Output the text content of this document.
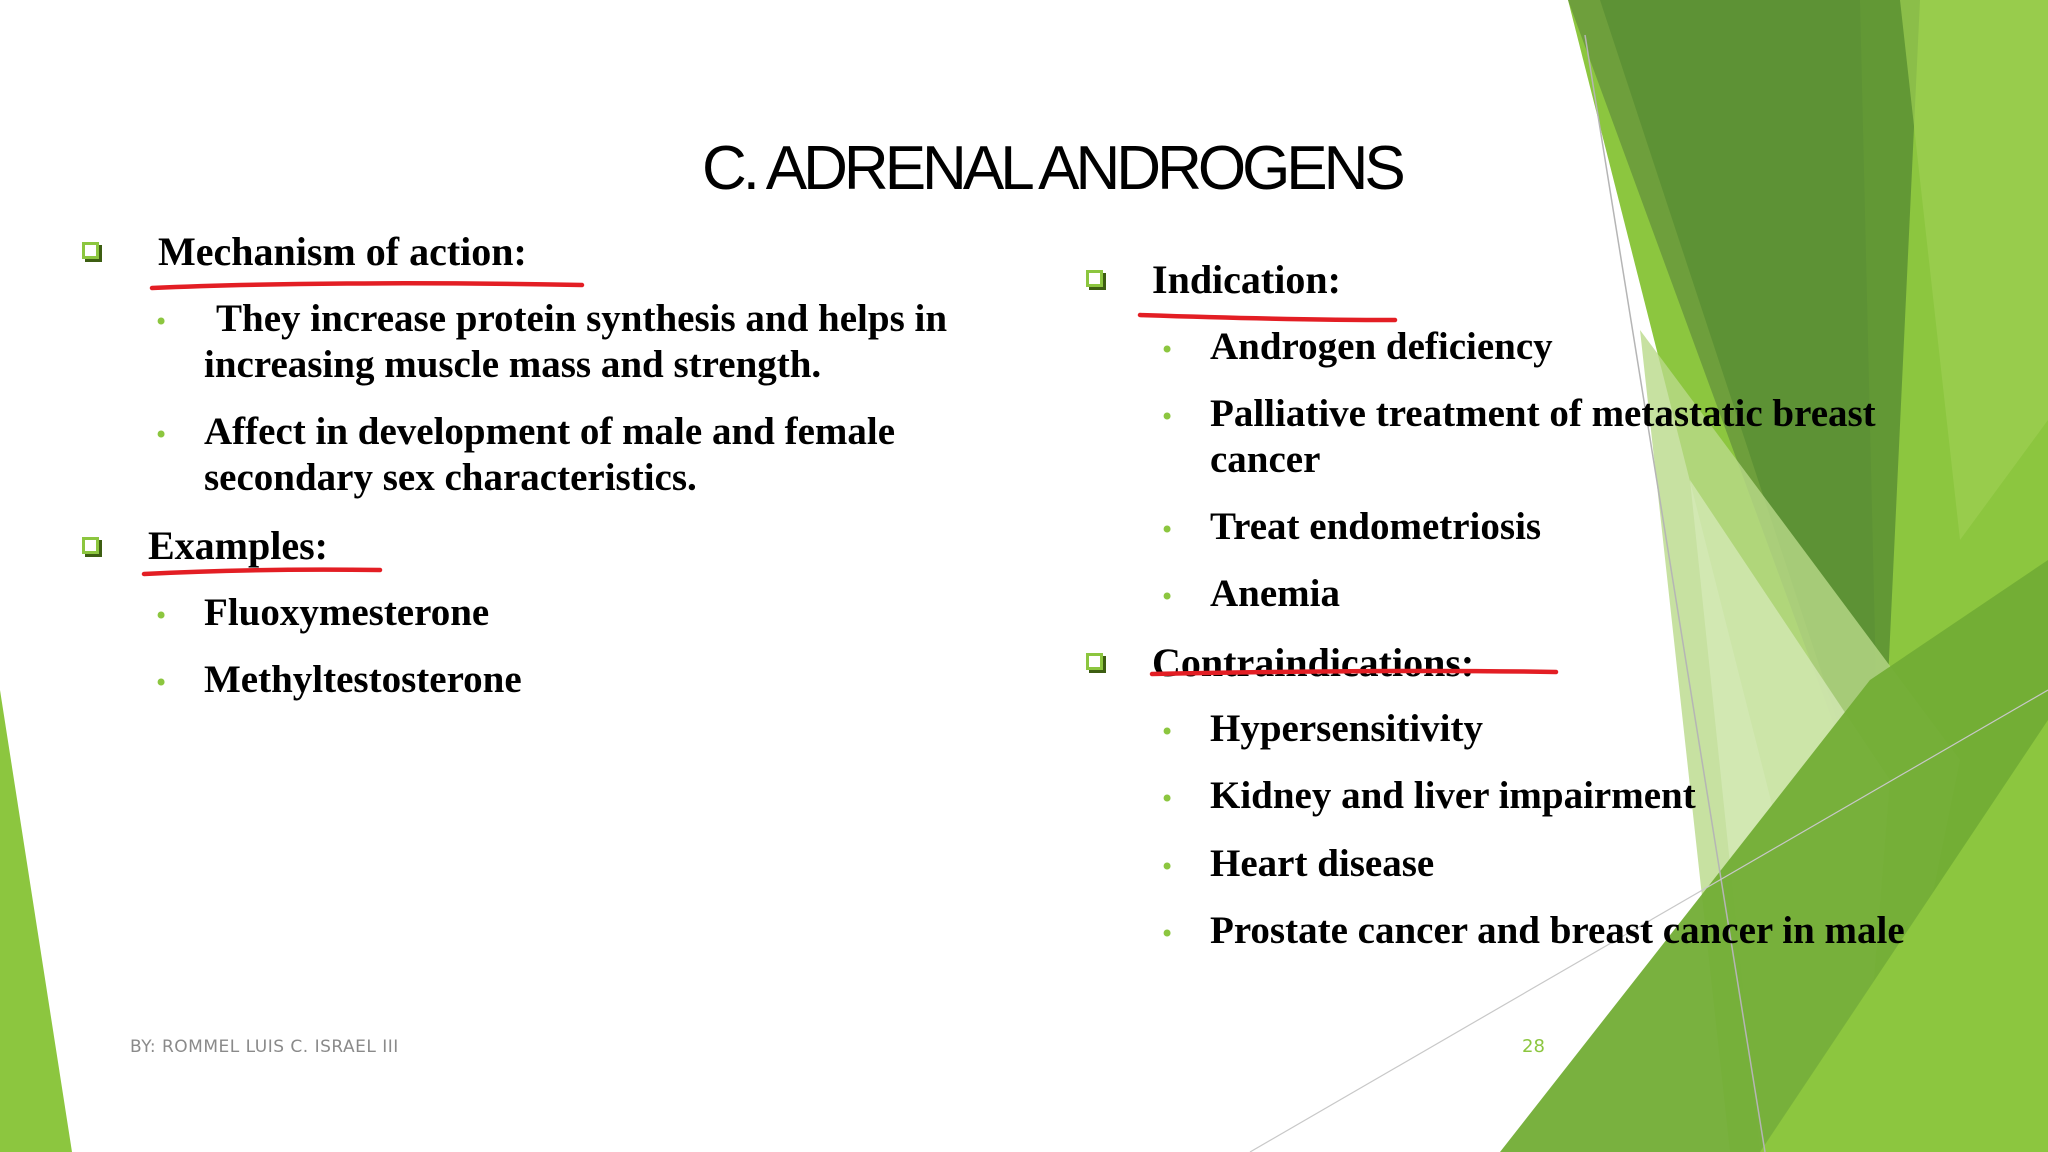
C. ADRENAL ANDROGENS
Mechanism of action:
•	They increase protein synthesis and helps in
increasing muscle mass and strength.
• Affect in development of male and female
secondary sex characteristics.
Examples:
• Fluoxymesterone
• Methyltestosterone
Indication:
• Androgen deficiency
• Palliative treatment of metastatic breast
cancer
• Treat endometriosis
• Anemia
Contraindications:
• Hypersensitivity
• Kidney and liver impairment
• Heart disease
• Prostate cancer and breast cancer in male
BY: ROMMEL LUIS C. ISRAEL III	28
